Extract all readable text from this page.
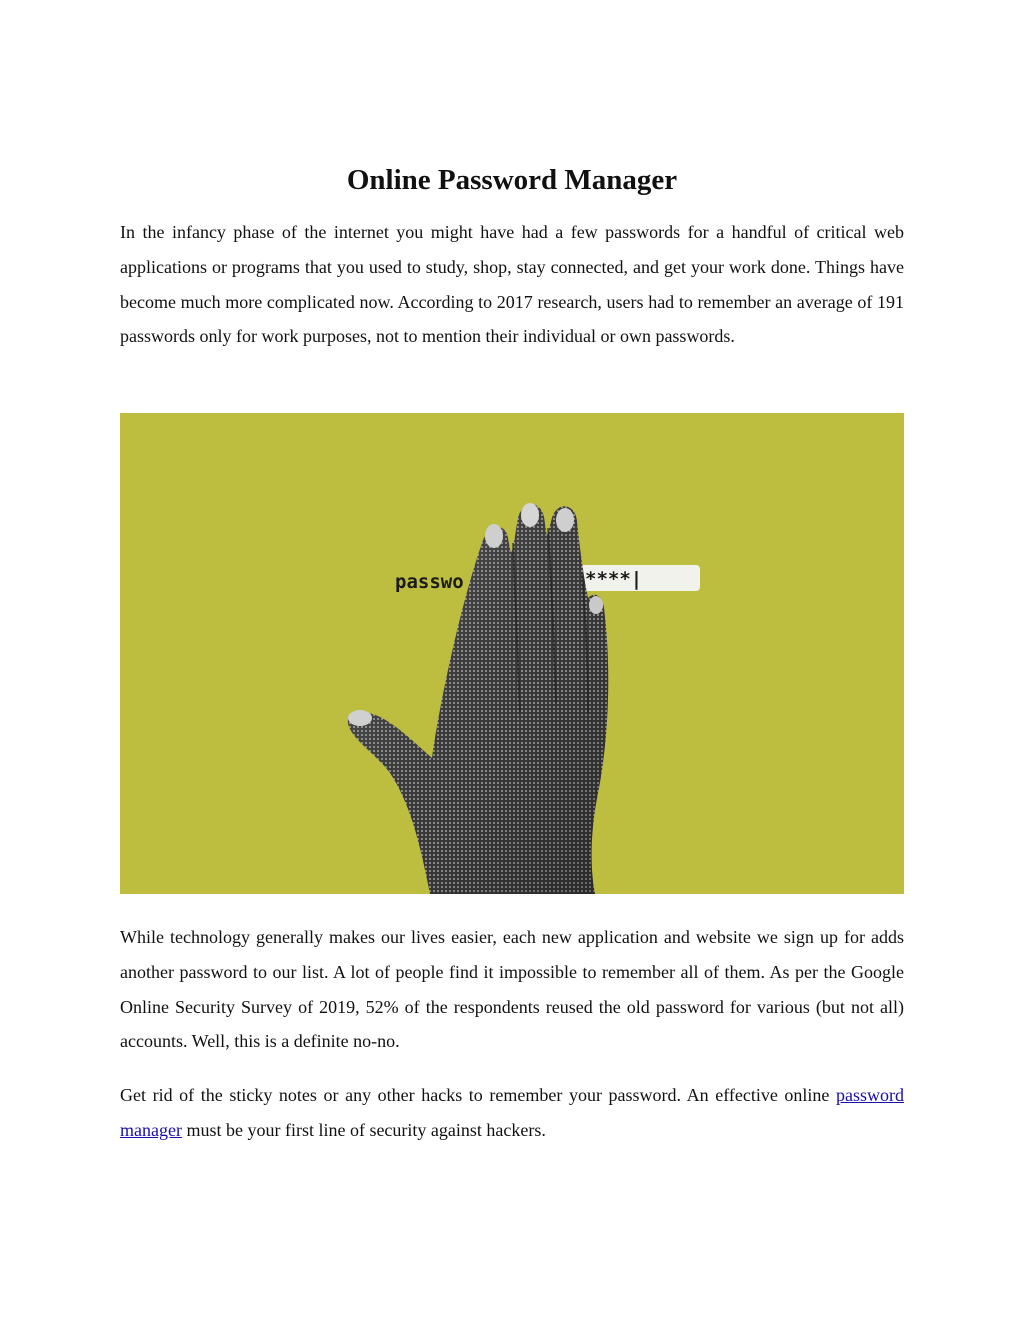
Online Password Manager

In the infancy phase of the internet you might have had a few passwords for a handful of critical web applications or programs that you used to study, shop, stay connected, and get your work done. Things have become much more complicated now. According to 2017 research, users had to remember an average of 191 passwords only for work purposes, not to mention their individual or own passwords.

passwo	****|

While technology generally makes our lives easier, each new application and website we sign up for adds another password to our list. A lot of people find it impossible to remember all of them. As per the Google Online Security Survey of 2019, 52% of the respondents reused the old password for various (but not all) accounts. Well, this is a definite no-no.

Get rid of the sticky notes or any other hacks to remember your password. An effective online password manager must be your first line of security against hackers.
